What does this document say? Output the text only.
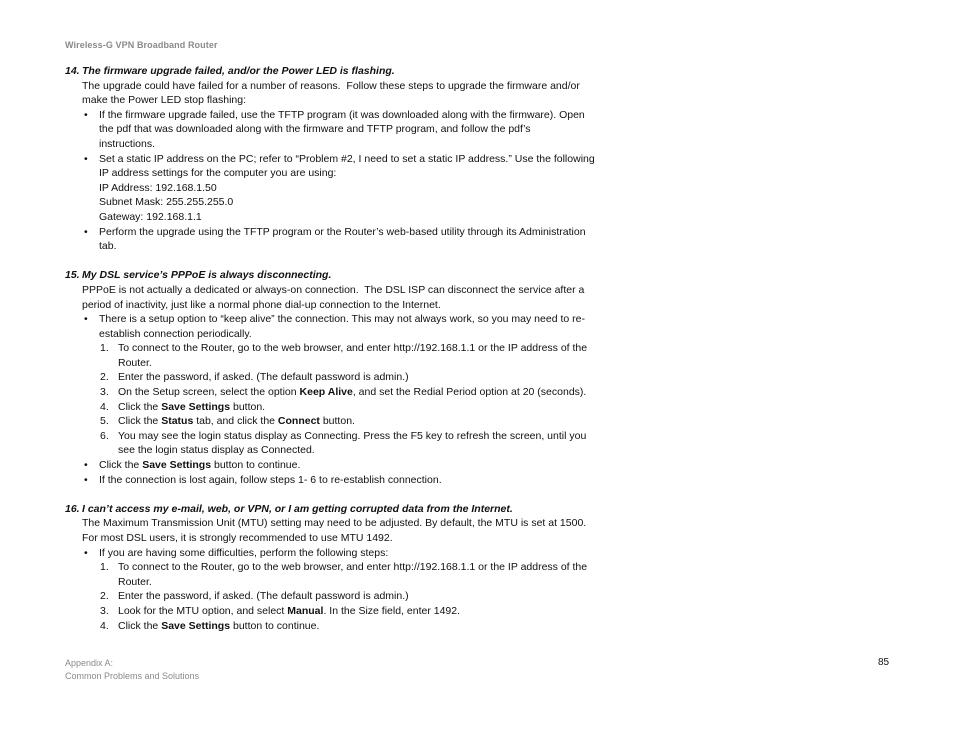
Wireless-G VPN Broadband Router
14. The firmware upgrade failed, and/or the Power LED is flashing.

The upgrade could have failed for a number of reasons.  Follow these steps to upgrade the firmware and/or
make the Power LED stop flashing:

• If the firmware upgrade failed, use the TFTP program (it was downloaded along with the firmware). Open
the pdf that was downloaded along with the firmware and TFTP program, and follow the pdf’s
instructions.
• Set a static IP address on the PC; refer to “Problem #2, I need to set a static IP address.” Use the following
IP address settings for the computer you are using:
IP Address: 192.168.1.50
Subnet Mask: 255.255.255.0
Gateway: 192.168.1.1
• Perform the upgrade using the TFTP program or the Router’s web-based utility through its Administration
tab.
15. My DSL service’s PPPoE is always disconnecting.

PPPoE is not actually a dedicated or always-on connection.  The DSL ISP can disconnect the service after a
period of inactivity, just like a normal phone dial-up connection to the Internet.

• There is a setup option to “keep alive” the connection. This may not always work, so you may need to re-
establish connection periodically.
1. To connect to the Router, go to the web browser, and enter http://192.168.1.1 or the IP address of the
Router.
2. Enter the password, if asked. (The default password is admin.)
3. On the Setup screen, select the option Keep Alive, and set the Redial Period option at 20 (seconds).
4. Click the Save Settings button.
5. Click the Status tab, and click the Connect button.
6. You may see the login status display as Connecting. Press the F5 key to refresh the screen, until you
see the login status display as Connected.
• Click the Save Settings button to continue.
• If the connection is lost again, follow steps 1- 6 to re-establish connection.
16. I can’t access my e-mail, web, or VPN, or I am getting corrupted data from the Internet.

The Maximum Transmission Unit (MTU) setting may need to be adjusted. By default, the MTU is set at 1500.
For most DSL users, it is strongly recommended to use MTU 1492.

• If you are having some difficulties, perform the following steps:
1. To connect to the Router, go to the web browser, and enter http://192.168.1.1 or the IP address of the
Router.
2. Enter the password, if asked. (The default password is admin.)
3. Look for the MTU option, and select Manual. In the Size field, enter 1492.
4. Click the Save Settings button to continue.
Appendix A:
Common Problems and Solutions
85
